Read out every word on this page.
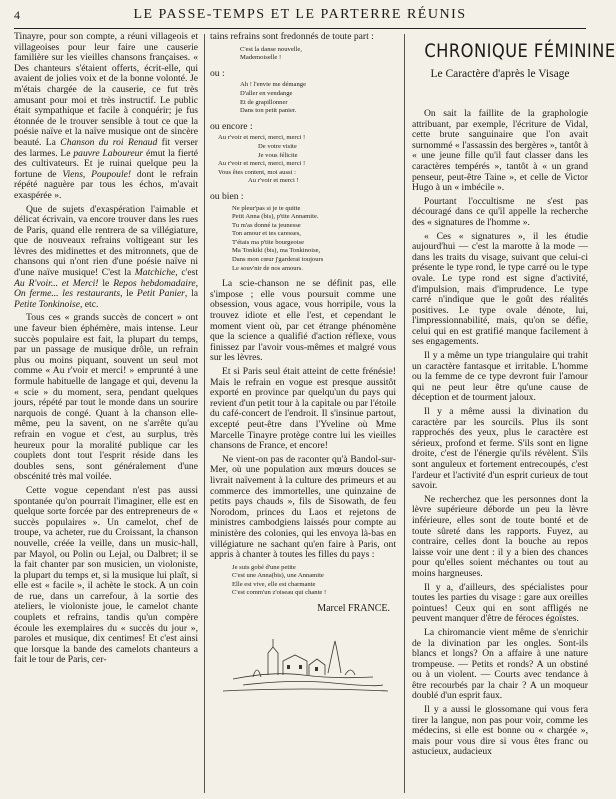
4	LE PASSE-TEMPS ET LE PARTERRE RÉUNIS

Tinayre, pour son compte, a réuni villageois et villageoises pour leur faire une causerie familière sur les vieilles chansons françaises. « Des chanteurs s'étaient offerts, écrit-elle, qui avaient de jolies voix et de la bonne volonté. Je m'étais chargée de la causerie, ce fut très amusant pour moi et très instructif. Le public était sympathique et facile à conquérir; je fus étonnée de le trouver sensible à tout ce que la poésie naïve et la naïve musique ont de sincère beauté. La Chanson du roi Renaud fit verser des larmes. Le pauvre Laboureur émut la fierté des cultivateurs. Et je ruinai quelque peu la fortune de Viens, Poupoule! dont le refrain répété naguère par tous les échos, m'avait exaspérée ».

Que de sujets d'exaspération l'aimable et délicat écrivain, va encore trouver dans les rues de Paris, quand elle rentrera de sa villégiature, que de nouveaux refrains voltigeant sur les lèvres des midinettes et des mitronnets, que de chansons qui n'ont rien d'une poésie naïve ni d'une naïve musique! C'est la Matchiche, c'est Au R'voir... et Merci! le Repos hebdomadaire, On ferme... les restaurants, le Petit Panier, la Petite Tonkinoise, etc.

Tous ces « grands succès de concert » ont une faveur bien éphémère, mais intense. Leur succès populaire est fait, la plupart du temps, par un passage de musique drôle, un refrain plus ou moins piquant, souvent un seul mot comme « Au r'voir et merci! » emprunté à une formule habituelle de langage et qui, devenu la « scie » du moment, sera, pendant quelques jours, répété par tout le monde dans un sourire narquois de congé. Quant à la chanson elle-même, peu la savent, on ne s'arrête qu'au refrain en vogue et c'est, au surplus, très heureux pour la moralité publique car les couplets dont tout l'esprit réside dans les doubles sens, sont généralement d'une obscénité très mal voilée.

Cette vogue cependant n'est pas aussi spontanée qu'on pourrait l'imaginer, elle est en quelque sorte forcée par des entrepreneurs de « succès populaires ». Un camelot, chef de troupe, va acheter, rue du Croissant, la chanson nouvelle, créée la veille, dans un music-hall, par Mayol, ou Polin ou Lejal, ou Dalbret; il se la fait chanter par son musicien, un violoniste, la plupart du temps et, si la musique lui plaît, si elle est « facile », il achète le stock. A un coin de rue, dans un carrefour, à la sortie des ateliers, le violoniste joue, le camelot chante couplets et refrains, tandis qu'un compère écoule les exemplaires du « succès du jour », paroles et musique, dix centimes! Et c'est ainsi que lorsque la bande des camelots chanteurs a fait le tour de Paris, cer-

tains refrains sont fredonnés de toute part :

C'est la danse nouvelle,
Mademoiselle !

ou :

Ah ! l'envie me démange
D'aller en vendange
Et de grapillonner
Dans ton petit panier.

ou encore :

Au r'voir et merci, merci, merci !
De votre visite
Je vous félicite
Au r'voir et merci, merci, merci !
Vous êtes content, moi aussi :
Au r'voir et merci !

ou bien :

Ne pleur'pas si je te quitte
Petit Anna (bis), p'tite Annamite.
Tu m'as donné ta jeunesse
Ton amour et tes caresses,
T'étais ma p'tite bourgeoise
Ma Tonkiki (bis), ma Tonkinoise,
Dans mon cœur j'garderai toujours
Le souv'nir de nos amours.

La scie-chanson ne se définit pas, elle s'impose ; elle vous poursuit comme une obsession, vous agace, vous horripile, vous la trouvez idiote et elle l'est, et cependant le moment vient où, par cet étrange phénomène que la science a qualifié d'action réflexe, vous finissez par l'avoir vous-mêmes et malgré vous sur les lèvres.

Et si Paris seul était atteint de cette frénésie! Mais le refrain en vogue est presque aussitôt exporté en province par quelqu'un du pays qui revient d'un petit tour à la capitale ou par l'étoile du café-concert de l'endroit. Il s'insinue partout, excepté peut-être dans l'Yveline où Mme Marcelle Tinayre protège contre lui les vieilles chansons de France, et encore!

Ne vient-on pas de raconter qu'à Bandol-sur-Mer, où une population aux mœurs douces se livrait naïvement à la culture des primeurs et au commerce des immortelles, une quinzaine de petits pays chauds », fils de Sisowath, de feu Norodom, princes du Laos et rejetons de ministres cambodgiens laissés pour compte au ministère des colonies, qui les envoya là-bas en villégiature ne sachant qu'en faire à Paris, ont appris à chanter à toutes les filles du pays :

Je suis gobé d'une petite
C'est une Anna(bis), une Annamite
Elle est vive, elle est charmante
C'est comm'un z'oiseau qui chante !

Marcel FRANCE.

CHRONIQUE FÉMININE
Le Caractère d'après le Visage

On sait la faillite de la graphologie attribuant, par exemple, l'écriture de Vidal, cette brute sanguinaire que l'on avait surnommé « l'assassin des bergères », tantôt à « une jeune fille qu'il faut classer dans les caractères tempérés », tantôt à « un grand penseur, peut-être Taine », et celle de Victor Hugo à un « imbécile ».

Pourtant l'occultisme ne s'est pas découragé dans ce qu'il appelle la recherche des « signatures de l'homme ».

« Ces « signatures », il les étudie aujourd'hui — c'est la marotte à la mode — dans les traits du visage, suivant que celui-ci présente le type rond, le type carré ou le type ovale. Le type rond est signe d'activité, d'impulsion, mais d'imprudence. Le type carré n'indique que le goût des réalités positives. Le type ovale dénote, lui, l'impressionnabilité, mais, qu'on se défie, celui qui en est gratifié manque facilement à ses engagements.

Il y a même un type triangulaire qui trahit un caractère fantasque et irritable. L'homme ou la femme de ce type devront fuir l'amour qui ne peut leur être qu'une cause de déception et de tourment jaloux.

Il y a même aussi la divination du caractère par les sourcils. Plus ils sont rapprochés des yeux, plus le caractère est sérieux, profond et ferme. S'ils sont en ligne droite, c'est de l'énergie qu'ils révèlent. S'ils sont anguleux et fortement entrecoupés, c'est l'ardeur et l'activité d'un esprit curieux de tout savoir.

Ne recherchez que les personnes dont la lèvre supérieure déborde un peu la lèvre inférieure, elles sont de toute bonté et de toute sûreté dans les rapports. Fuyez, au contraire, celles dont la bouche au repos laisse voir une dent : il y a bien des chances pour qu'elles soient méchantes ou tout au moins hargneuses.

Il y a, d'ailleurs, des spécialistes pour toutes les parties du visage : gare aux oreilles pointues! Ceux qui en sont affligés ne peuvent manquer d'être de féroces égoïstes.

La chiromancie vient même de s'enrichir de la divination par les ongles. Sont-ils blancs et longs? On a affaire à une nature trompeuse. — Petits et ronds? A un obstiné ou à un violent. — Courts avec tendance à être recourbés par la chair ? A un moqueur doublé d'un esprit faux.

Il y a aussi le glossomane qui vous fera tirer la langue, non pas pour voir, comme les médecins, si elle est bonne ou « chargée », mais pour vous dire si vous êtes franc ou astucieux, audacieux
